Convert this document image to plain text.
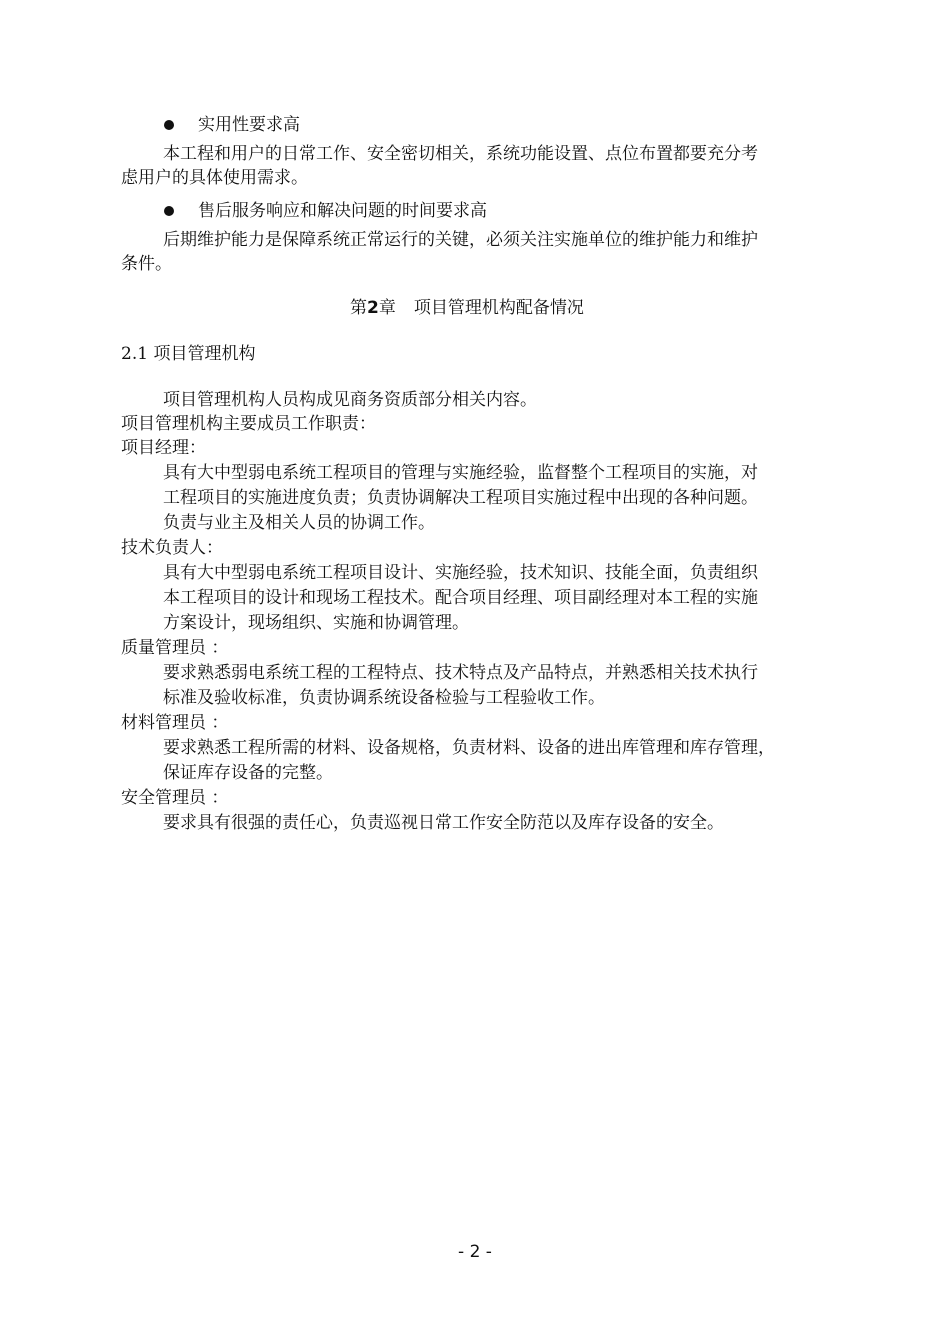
实用性要求高
本工程和用户的日常工作、安全密切相关，系统功能设置、点位布置都要充分考
虑用户的具体使用需求。
售后服务响应和解决问题的时间要求高
后期维护能力是保障系统正常运行的关键，必须关注实施单位的维护能力和维护
条件。
第2章 项目管理机构配备情况
2.1 项目管理机构
项目管理机构人员构成见商务资质部分相关内容。
项目管理机构主要成员工作职责：
项目经理：
具有大中型弱电系统工程项目的管理与实施经验，监督整个工程项目的实施，对
工程项目的实施进度负责；负责协调解决工程项目实施过程中出现的各种问题。
负责与业主及相关人员的协调工作。
技术负责人：
具有大中型弱电系统工程项目设计、实施经验，技术知识、技能全面，负责组织
本工程项目的设计和现场工程技术。配合项目经理、项目副经理对本工程的实施
方案设计，现场组织、实施和协调管理。
质量管理员 ：
要求熟悉弱电系统工程的工程特点、技术特点及产品特点，并熟悉相关技术执行
标准及验收标准，负责协调系统设备检验与工程验收工作。
材料管理员 ：
要求熟悉工程所需的材料、设备规格，负责材料、设备的进出库管理和库存管理，
保证库存设备的完整。
安全管理员 ：
要求具有很强的责任心，负责巡视日常工作安全防范以及库存设备的安全。
- 2 -
